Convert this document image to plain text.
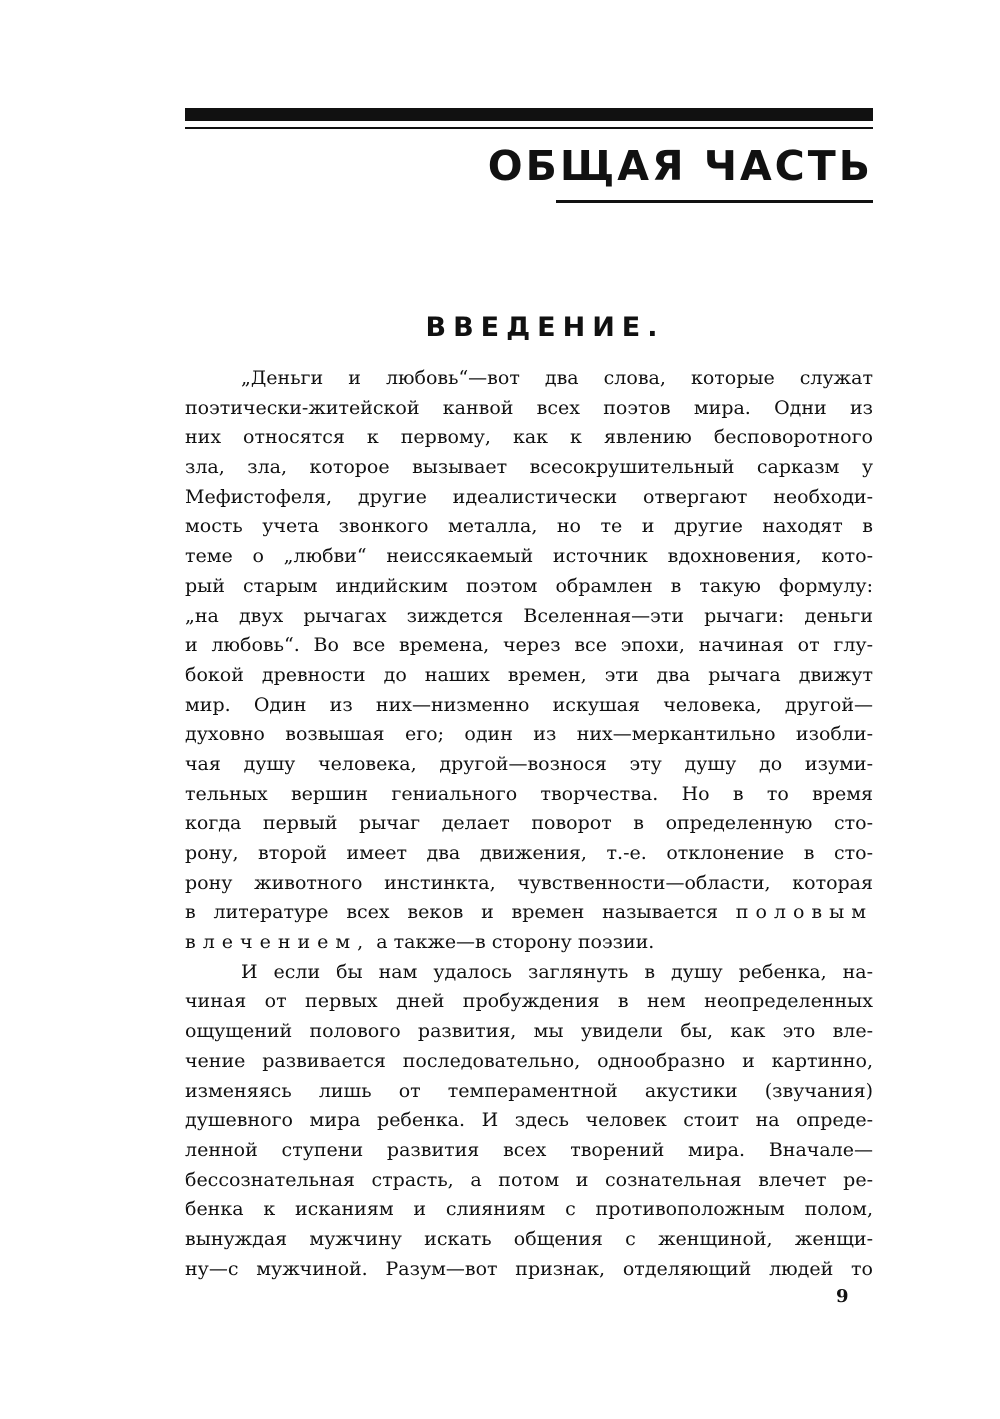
ОБЩАЯ ЧАСТЬ
ВВЕДЕНИЕ.
„Деньги и любовь“—вот два слова, которые служат
поэтически-житейской канвой всех поэтов мира. Одни из
них относятся к первому, как к явлению бесповоротного
зла, зла, которое вызывает всесокрушительный сарказм у
Мефистофеля, другие идеалистически отвергают необходи-
мость учета звонкого металла, но те и другие находят в
теме о „любви“ неиссякаемый источник вдохновения, кото-
рый старым индийским поэтом обрамлен в такую формулу:
„на двух рычагах зиждется Вселенная—эти рычаги: деньги
и любовь“. Во все времена, через все эпохи, начиная от глу-
бокой древности до наших времен, эти два рычага движут
мир. Один из них—низменно искушая человека, другой—
духовно возвышая его; один из них—меркантильно изобли-
чая душу человека, другой—вознося эту душу до изуми-
тельных вершин гениального творчества. Но в то время
когда первый рычаг делает поворот в определенную сто-
рону, второй имеет два движения, т.-е. отклонение в сто-
рону животного инстинкта, чувственности—области, которая
в литературе всех веков и времен называется половым
влечением, а также—в сторону поэзии.
И если бы нам удалось заглянуть в душу ребенка, на-
чиная от первых дней пробуждения в нем неопределенных
ощущений полового развития, мы увидели бы, как это вле-
чение развивается последовательно, однообразно и картинно,
изменяясь лишь от темпераментной акустики (звучания)
душевного мира ребенка. И здесь человек стоит на опреде-
ленной ступени развития всех творений мира. Вначале—
бессознательная страсть, а потом и сознательная влечет ре-
бенка к исканиям и слияниям с противоположным полом,
вынуждая мужчину искать общения с женщиной, женщи-
ну—с мужчиной. Разум—вот признак, отделяющий людей то
9
